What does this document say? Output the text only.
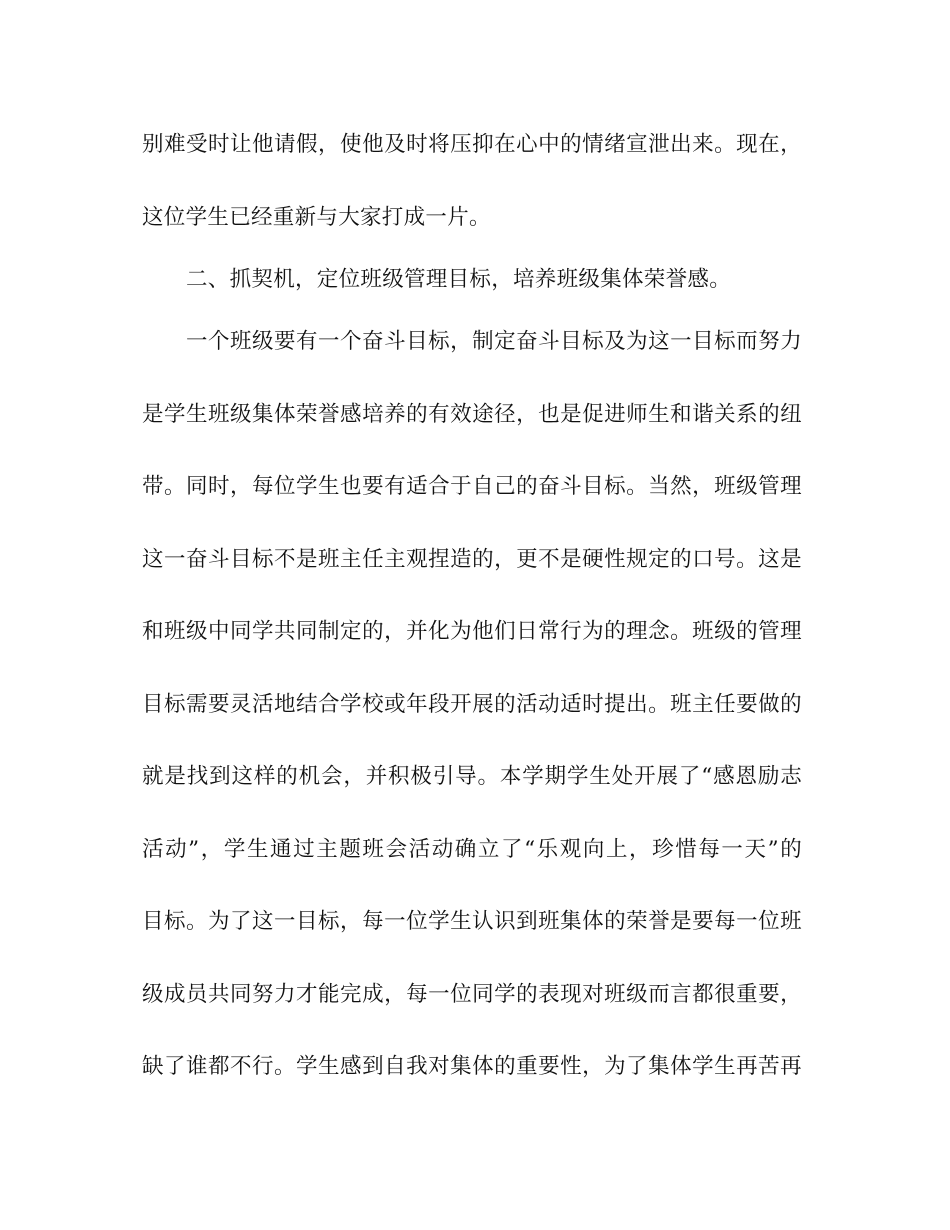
别难受时让他请假，使他及时将压抑在心中的情绪宣泄出来。现在，
这位学生已经重新与大家打成一片。
二、抓契机，定位班级管理目标，培养班级集体荣誉感。
一个班级要有一个奋斗目标，制定奋斗目标及为这一目标而努力
是学生班级集体荣誉感培养的有效途径，也是促进师生和谐关系的纽
带。同时，每位学生也要有适合于自己的奋斗目标。当然，班级管理
这一奋斗目标不是班主任主观捏造的，更不是硬性规定的口号。这是
和班级中同学共同制定的，并化为他们日常行为的理念。班级的管理
目标需要灵活地结合学校或年段开展的活动适时提出。班主任要做的
就是找到这样的机会，并积极引导。本学期学生处开展了“感恩励志
活动”，学生通过主题班会活动确立了“乐观向上，珍惜每一天”的
目标。为了这一目标，每一位学生认识到班集体的荣誉是要每一位班
级成员共同努力才能完成，每一位同学的表现对班级而言都很重要，
缺了谁都不行。学生感到自我对集体的重要性，为了集体学生再苦再
